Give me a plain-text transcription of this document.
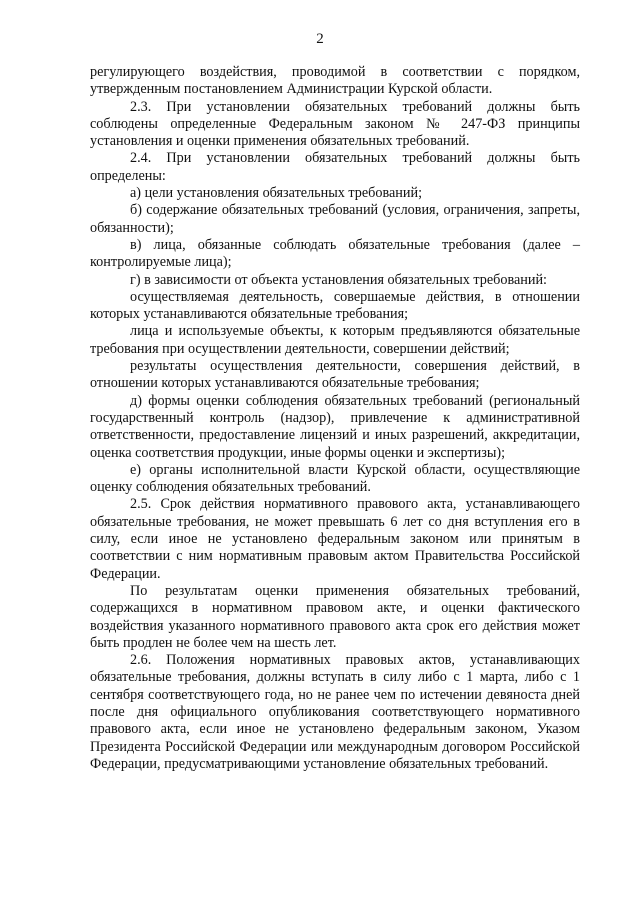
2

регулирующего воздействия, проводимой в соответствии с порядком, утвержденным постановлением Администрации Курской области.

2.3. При установлении обязательных требований должны быть соблюдены определенные Федеральным законом № 247-ФЗ принципы установления и оценки применения обязательных требований.

2.4. При установлении обязательных требований должны быть определены:

а) цели установления обязательных требований;

б) содержание обязательных требований (условия, ограничения, запреты, обязанности);

в) лица, обязанные соблюдать обязательные требования (далее – контролируемые лица);

г) в зависимости от объекта установления обязательных требований:

осуществляемая деятельность, совершаемые действия, в отношении которых устанавливаются обязательные требования;

лица и используемые объекты, к которым предъявляются обязательные требования при осуществлении деятельности, совершении действий;

результаты осуществления деятельности, совершения действий, в отношении которых устанавливаются обязательные требования;

д) формы оценки соблюдения обязательных требований (региональный государственный контроль (надзор), привлечение к административной ответственности, предоставление лицензий и иных разрешений, аккредитации, оценка соответствия продукции, иные формы оценки и экспертизы);

е) органы исполнительной власти Курской области, осуществляющие оценку соблюдения обязательных требований.

2.5. Срок действия нормативного правового акта, устанавливающего обязательные требования, не может превышать 6 лет со дня вступления его в силу, если иное не установлено федеральным законом или принятым в соответствии с ним нормативным правовым актом Правительства Российской Федерации.

По результатам оценки применения обязательных требований, содержащихся в нормативном правовом акте, и оценки фактического воздействия указанного нормативного правового акта срок его действия может быть продлен не более чем на шесть лет.

2.6. Положения нормативных правовых актов, устанавливающих обязательные требования, должны вступать в силу либо с 1 марта, либо с 1 сентября соответствующего года, но не ранее чем по истечении девяноста дней после дня официального опубликования соответствующего нормативного правового акта, если иное не установлено федеральным законом, Указом Президента Российской Федерации или международным договором Российской Федерации, предусматривающими установление обязательных требований.
